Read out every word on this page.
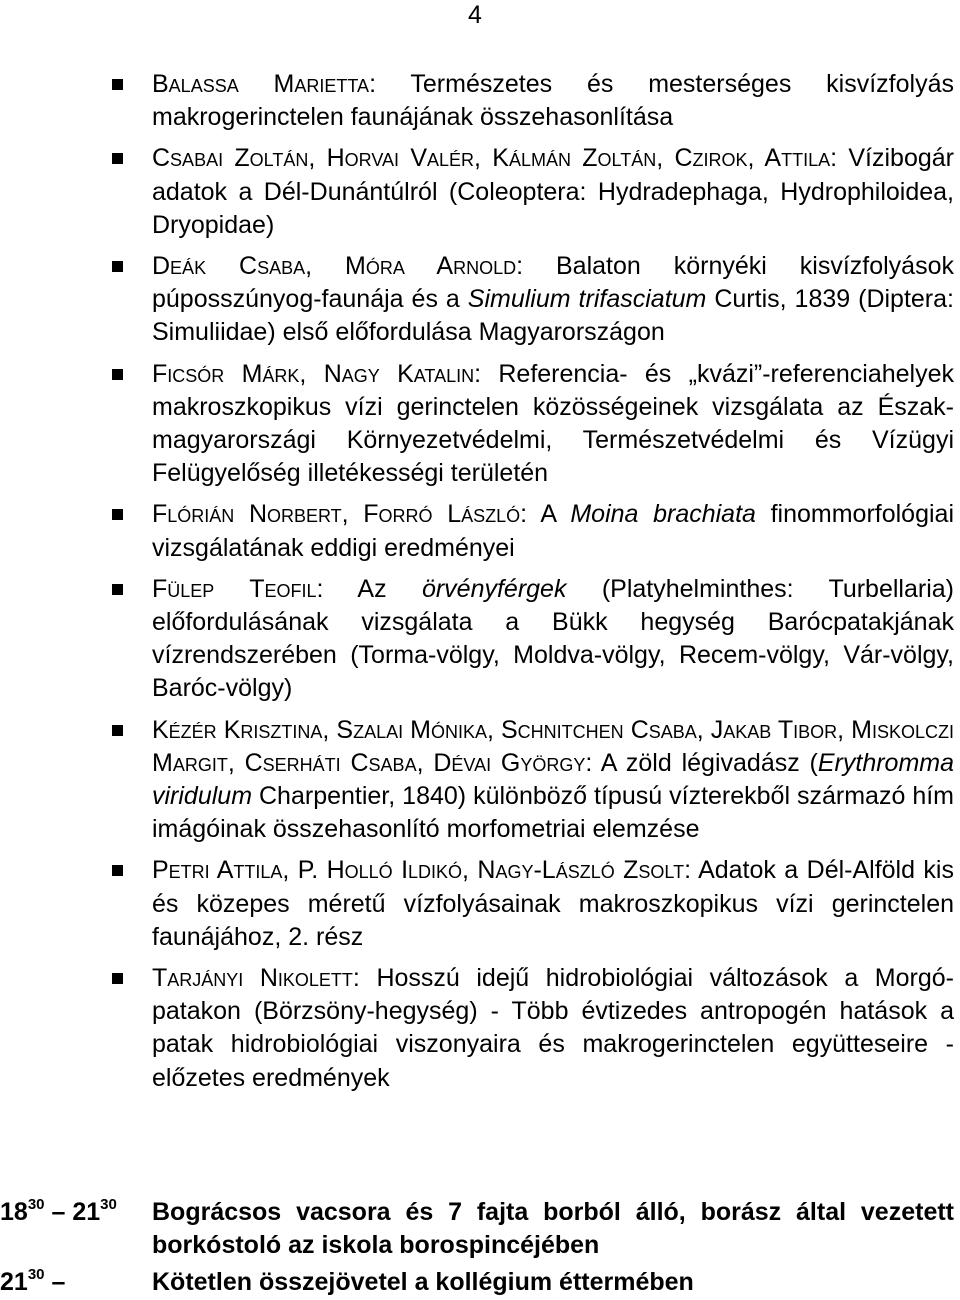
4
Balassa Marietta: Természetes és mesterséges kisvízfolyás makrogerinctelen faunájának összehasonlítása
Csabai Zoltán, Horvai Valér, Kálmán Zoltán, Czirok, Attila: Vízibogár adatok a Dél-Dunántúlról (Coleoptera: Hydradephaga, Hydrophiloidea, Dryopidae)
Deák Csaba, Móra Arnold: Balaton környéki kisvízfolyások púposszúnyog-faunája és a Simulium trifasciatum Curtis, 1839 (Diptera: Simuliidae) első előfordulása Magyarországon
Ficsór Márk, Nagy Katalin: Referencia- és „kvázi”-referenciahelyek makroszkopikus vízi gerinctelen közösségeinek vizsgálata az Észak-magyarországi Környezetvédelmi, Természetvédelmi és Vízügyi Felügyelőség illetékességi területén
Flórián Norbert, Forró László: A Moina brachiata finommorfológiai vizsgálatának eddigi eredményei
Fülep Teofil: Az örvényférgek (Platyhelminthes: Turbellaria) előfordulásának vizsgálata a Bükk hegység Barócpatakjának vízrendszerében (Torma-völgy, Moldva-völgy, Recem-völgy, Vár-völgy, Baróc-völgy)
Kézér Krisztina, Szalai Mónika, Schnitchen Csaba, Jakab Tibor, Miskolczi Margit, Cserháti Csaba, Dévai György: A zöld légivadász (Erythromma viridulum Charpentier, 1840) különböző típusú vízterekből származó hím imágóinak összehasonlító morfometriai elemzése
Petri Attila, P. Holló Ildikó, Nagy-László Zsolt: Adatok a Dél-Alföld kis és közepes méretű vízfolyásainak makroszkopikus vízi gerinctelen faunájához, 2. rész
Tarjányi Nikolett: Hosszú idejű hidrobiológiai változások a Morgó-patakon (Börzsöny-hegység) - Több évtizedes antropogén hatások a patak hidrobiológiai viszonyaira és makrogerinctelen együtteseire - előzetes eredmények
$18^{30} - 21^{30}$ Bográcsos vacsora és 7 fajta borból álló, borász által vezetett borkóstoló az iskola borospincéjében
$21^{30}$ –	Kötetlen összejövetel a kollégium éttermében
